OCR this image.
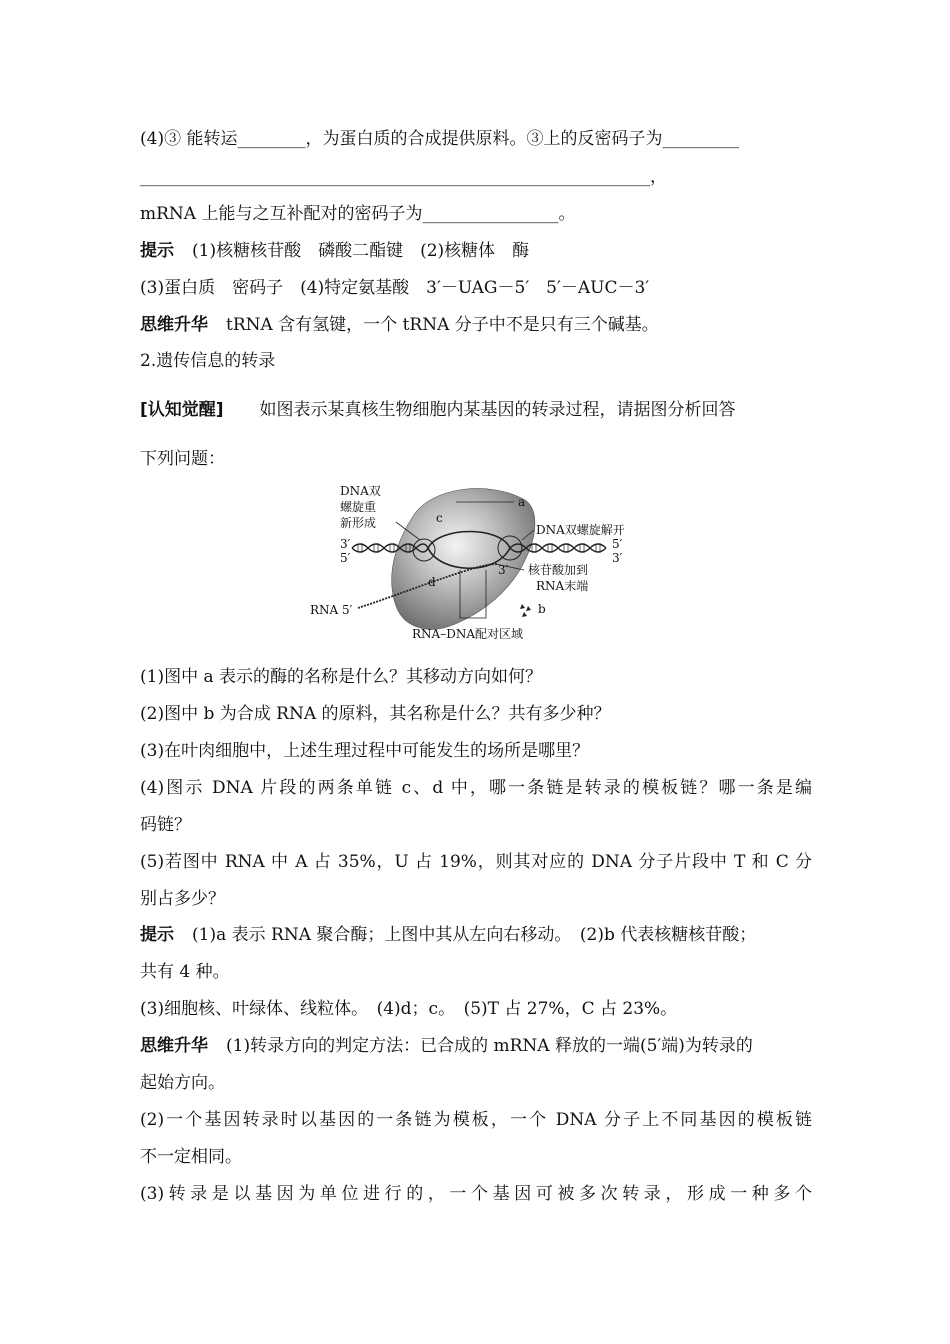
(4)③ 能转运________，为蛋白质的合成提供原料。③上的反密码子为_________
____________________________________________________________，
mRNA 上能与之互补配对的密码子为________________。
提示 (1)核糖核苷酸　磷酸二酯键　(2)核糖体　酶
(3)蛋白质　密码子　(4)特定氨基酸　3′－UAG－5′　5′－AUC－3′
思维升华 tRNA 含有氢键，一个 tRNA 分子中不是只有三个碱基。
2.遗传信息的转录
[认知觉醒] 如图表示某真核生物细胞内某基因的转录过程，请据图分析回答
下列问题：
DNA双
螺旋重
新形成
a
c
DNA双螺旋解开
3′
5′
5′
3′
3′ 核苷酸加到
RNA末端
d
b
RNA 5′
RNA–DNA配对区域
(1)图中 a 表示的酶的名称是什么？其移动方向如何？
(2)图中 b 为合成 RNA 的原料，其名称是什么？共有多少种？
(3)在叶肉细胞中，上述生理过程中可能发生的场所是哪里？
(4)图示 DNA 片段的两条单链 c、d 中，哪一条链是转录的模板链？哪一条是编
码链？
(5)若图中 RNA 中 A 占 35%，U 占 19%，则其对应的 DNA 分子片段中 T 和 C 分
别占多少？
提示 (1)a 表示 RNA 聚合酶；上图中其从左向右移动。　(2)b 代表核糖核苷酸；
共有 4 种。
(3)细胞核、叶绿体、线粒体。　(4)d；c。　(5)T 占 27%，C 占 23%。
思维升华 (1)转录方向的判定方法：已合成的 mRNA 释放的一端(5′端)为转录的
起始方向。
(2)一个基因转录时以基因的一条链为模板，一个 DNA 分子上不同基因的模板链
不一定相同。
(3)转录是以基因为单位进行的，一个基因可被多次转录，形成一种多个
